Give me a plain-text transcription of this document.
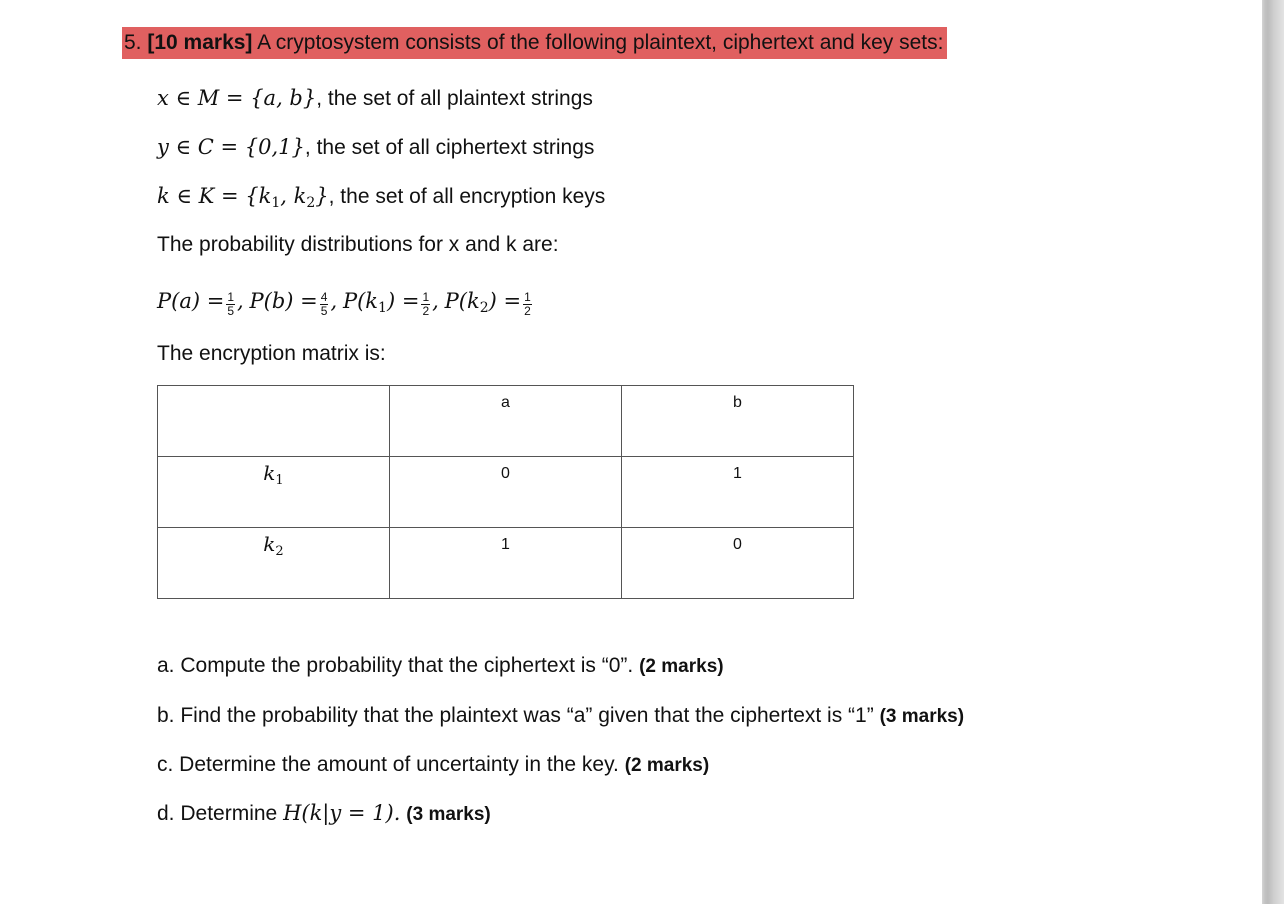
5. [10 marks] A cryptosystem consists of the following plaintext, ciphertext and key sets:
x ∈ M = {a, b}, the set of all plaintext strings
y ∈ C = {0,1}, the set of all ciphertext strings
k ∈ $K = \{k_1$, $k_2$}, the set of all encryption keys
The probability distributions for x and k are:
$P(a) = \frac{1}{5}$ , $P(b) = \frac{4}{5}$ , $P(k_1) = \frac{1}{2}$ , $P(k_2) = \frac{1}{2}$
The encryption matrix is:
	a	b
$k_1$	0	1
$k_2$	1	0
a. Compute the probability that the ciphertext is “0”. (2 marks)
b. Find the probability that the plaintext was “a” given that the ciphertext is “1” (3 marks)
c. Determine the amount of uncertainty in the key. (2 marks)
d. Determine H(k|y = 1). (3 marks)
